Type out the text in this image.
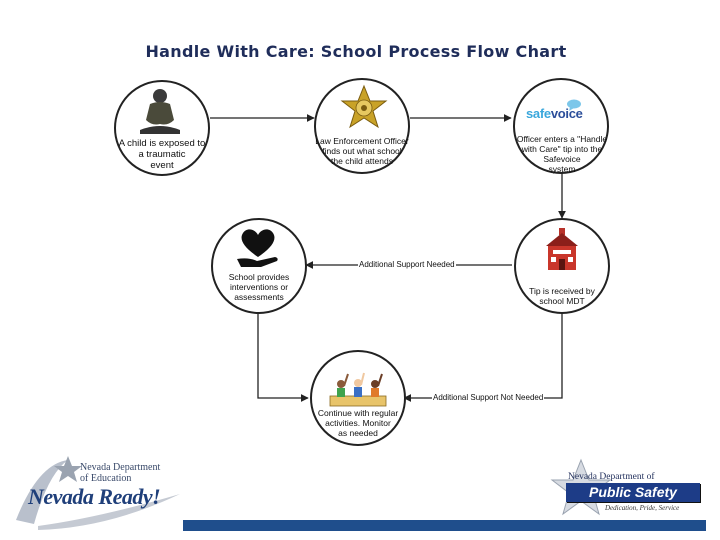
Handle With Care: School Process Flow Chart
A child is exposed to
a traumatic
event
Law Enforcement Officer
finds out what school
the child attends
safevoice
Officer enters a "Handle
with Care" tip into the
Safevoice
system
Tip is received by
school MDT
School provides
interventions or
assessments
Continue with regular
activities. Monitor
as needed
Additional Support Needed
Additional Support Not Needed
Nevada Department
of Education
Nevada Ready!
Nevada Department of
Public Safety
Dedication, Pride, Service
